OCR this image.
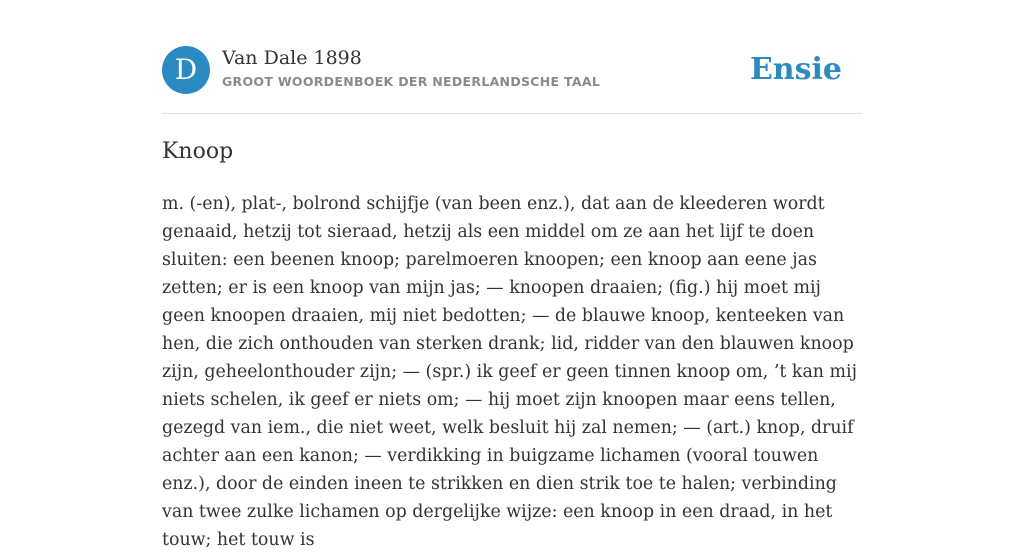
D	Van Dale 1898
GROOT WOORDENBOEK DER NEDERLANDSCHE TAAL	Ensie
Knoop

m. (-en), plat-, bolrond schijfje (van been enz.), dat aan de kleederen wordt genaaid, hetzij tot sieraad, hetzij als een middel om ze aan het lijf te doen sluiten: een beenen knoop; parelmoeren knoopen; een knoop aan eene jas zetten; er is een knoop van mijn jas; — knoopen draaien; (fig.) hij moet mij geen knoopen draaien, mij niet bedotten; — de blauwe knoop, kenteeken van hen, die zich onthouden van sterken drank; lid, ridder van den blauwen knoop zijn, geheelonthouder zijn; — (spr.) ik geef er geen tinnen knoop om, ’t kan mij niets schelen, ik geef er niets om; — hij moet zijn knoopen maar eens tellen, gezegd van iem., die niet weet, welk besluit hij zal nemen; — (art.) knop, druif achter aan een kanon; — verdikking in buigzame lichamen (vooral touwen enz.), door de einden ineen te strikken en dien strik toe te halen; verbinding van twee zulke lichamen op dergelijke wijze: een knoop in een draad, in het touw; het touw is
